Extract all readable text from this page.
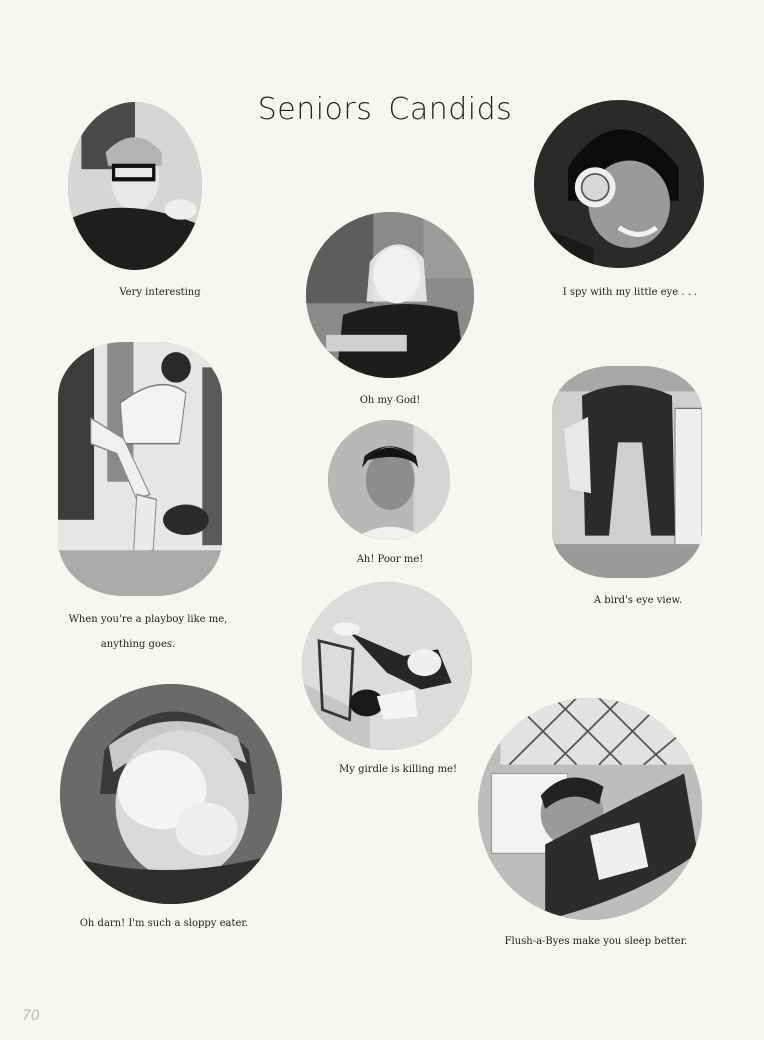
Seniors Candids
Very interesting
Oh my God!
I spy with my little eye . . .
When you're a playboy like me,
anything goes.
Ah! Poor me!
A bird's eye view.
My girdle is killing me!
Oh darn! I'm such a sloppy eater.
Flush-a-Byes make you sleep better.
70
